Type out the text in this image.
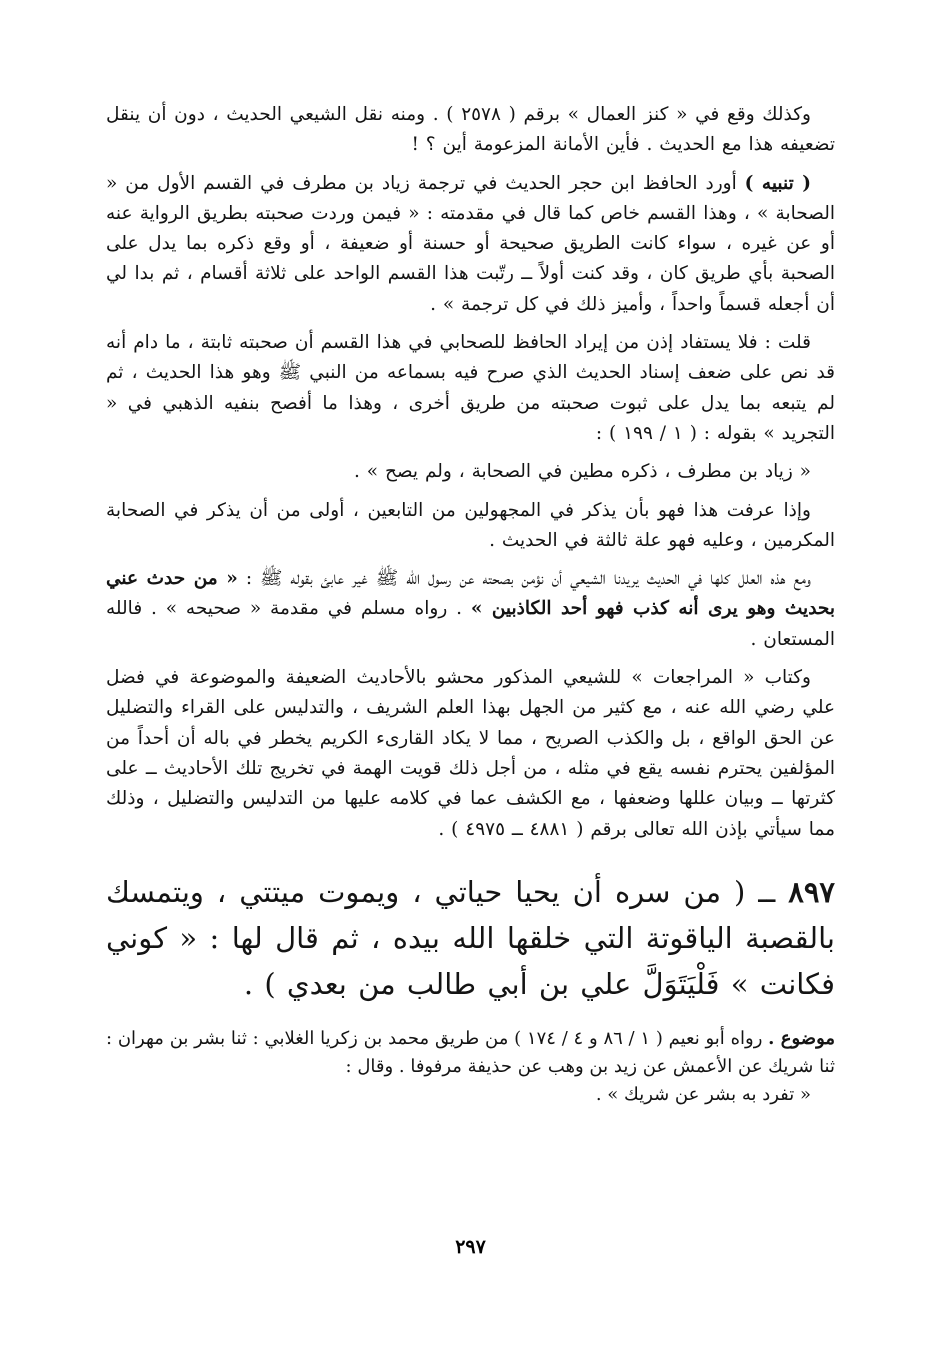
وكذلك وقع في « كنز العمال » برقم ( ٢٥٧٨ ) . ومنه نقل الشيعي الحديث ، دون أن ينقل تضعيفه هذا مع الحديث . فأين الأمانة المزعومة أين ؟ !

( تنبيه ) أورد الحافظ ابن حجر الحديث في ترجمة زياد بن مطرف في القسم الأول من « الصحابة » ، وهذا القسم خاص كما قال في مقدمته : « فيمن وردت صحبته بطريق الرواية عنه أو عن غيره ، سواء كانت الطريق صحيحة أو حسنة أو ضعيفة ، أو وقع ذكره بما يدل على الصحبة بأي طريق كان ، وقد كنت أولاً ــ رتّبت هذا القسم الواحد على ثلاثة أقسام ، ثم بدا لي أن أجعله قسماً واحداً ، وأميز ذلك في كل ترجمة » .

قلت : فلا يستفاد إذن من إيراد الحافظ للصحابي في هذا القسم أن صحبته ثابتة ، ما دام أنه قد نص على ضعف إسناد الحديث الذي صرح فيه بسماعه من النبي ﷺ وهو هذا الحديث ، ثم لم يتبعه بما يدل على ثبوت صحبته من طريق أخرى ، وهذا ما أفصح بنفيه الذهبي في « التجريد » بقوله : ( ١ / ١٩٩ ) :

« زياد بن مطرف ، ذكره مطين في الصحابة ، ولم يصح » .

وإذا عرفت هذا فهو بأن يذكر في المجهولين من التابعين ، أولى من أن يذكر في الصحابة المكرمين ، وعليه فهو علة ثالثة في الحديث .

ومع هذه العلل كلها في الحديث يريدنا الشيعي أن نؤمن بصحته عن رسول الله ﷺ غير عابئ بقوله ﷺ : « من حدث عني بحديث وهو يرى أنه كذب فهو أحد الكاذبين » . رواه مسلم في مقدمة « صحيحه » . فالله المستعان .

وكتاب « المراجعات » للشيعي المذكور محشو بالأحاديث الضعيفة والموضوعة في فضل علي رضي الله عنه ، مع كثير من الجهل بهذا العلم الشريف ، والتدليس على القراء والتضليل عن الحق الواقع ، بل والكذب الصريح ، مما لا يكاد القارىء الكريم يخطر في باله أن أحداً من المؤلفين يحترم نفسه يقع في مثله ، من أجل ذلك قويت الهمة في تخريج تلك الأحاديث ــ على كثرتها ــ وبيان عللها وضعفها ، مع الكشف عما في كلامه عليها من التدليس والتضليل ، وذلك مما سيأتي بإذن الله تعالى برقم ( ٤٨٨١ ــ ٤٩٧٥ ) .

٨٩٧ ــ ( من سره أن يحيا حياتي ، ويموت ميتتي ، ويتمسك بالقصبة الياقوتة التي خلقها الله بيده ، ثم قال لها : « كوني فكانت » فَلْيَتَوَلَّ علي بن أبي طالب من بعدي ) .

موضوع . رواه أبو نعيم ( ١ / ٨٦ و ٤ / ١٧٤ ) من طريق محمد بن زكريا الغلابي : ثنا بشر بن مهران : ثنا شريك عن الأعمش عن زيد بن وهب عن حذيفة مرفوفا . وقال :

« تفرد به بشر عن شريك » .

٢٩٧
